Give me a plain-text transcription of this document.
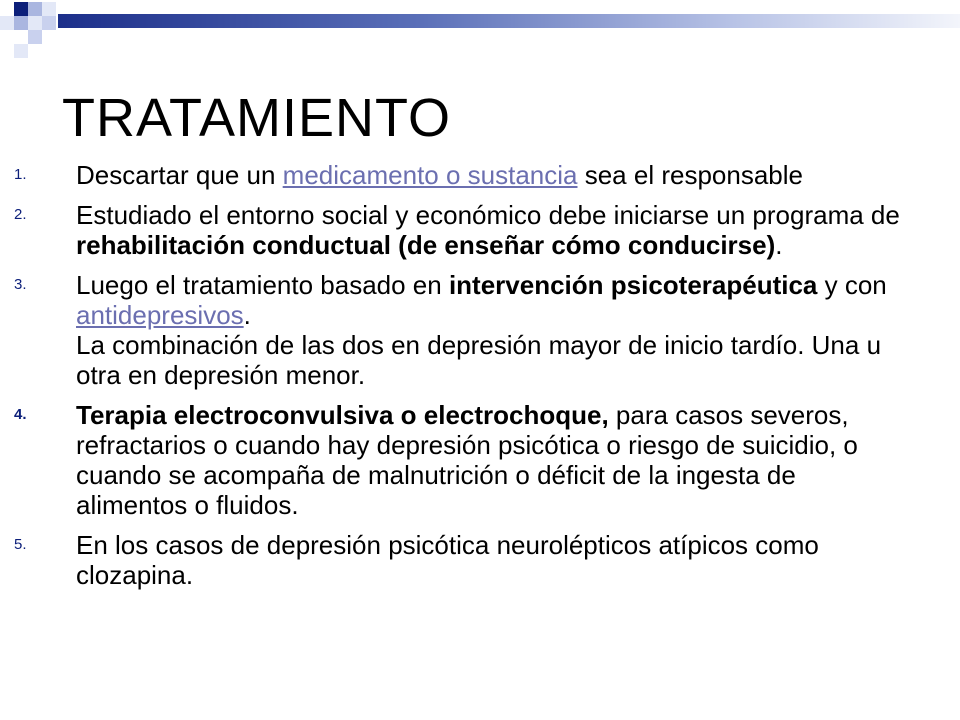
TRATAMIENTO
1. Descartar que un medicamento o sustancia sea el responsable
2. Estudiado el entorno social y económico debe iniciarse un programa de rehabilitación conductual (de enseñar cómo conducirse).
3. Luego el tratamiento basado en intervención psicoterapéutica y con antidepresivos.
La combinación de las dos en depresión mayor de inicio tardío. Una u otra en depresión menor.
4. Terapia electroconvulsiva o electrochoque, para casos severos, refractarios o cuando hay depresión psicótica o riesgo de suicidio, o cuando se acompaña de malnutrición o déficit de la ingesta de alimentos o fluidos.
5. En los casos de depresión psicótica neurolépticos atípicos como clozapina.
